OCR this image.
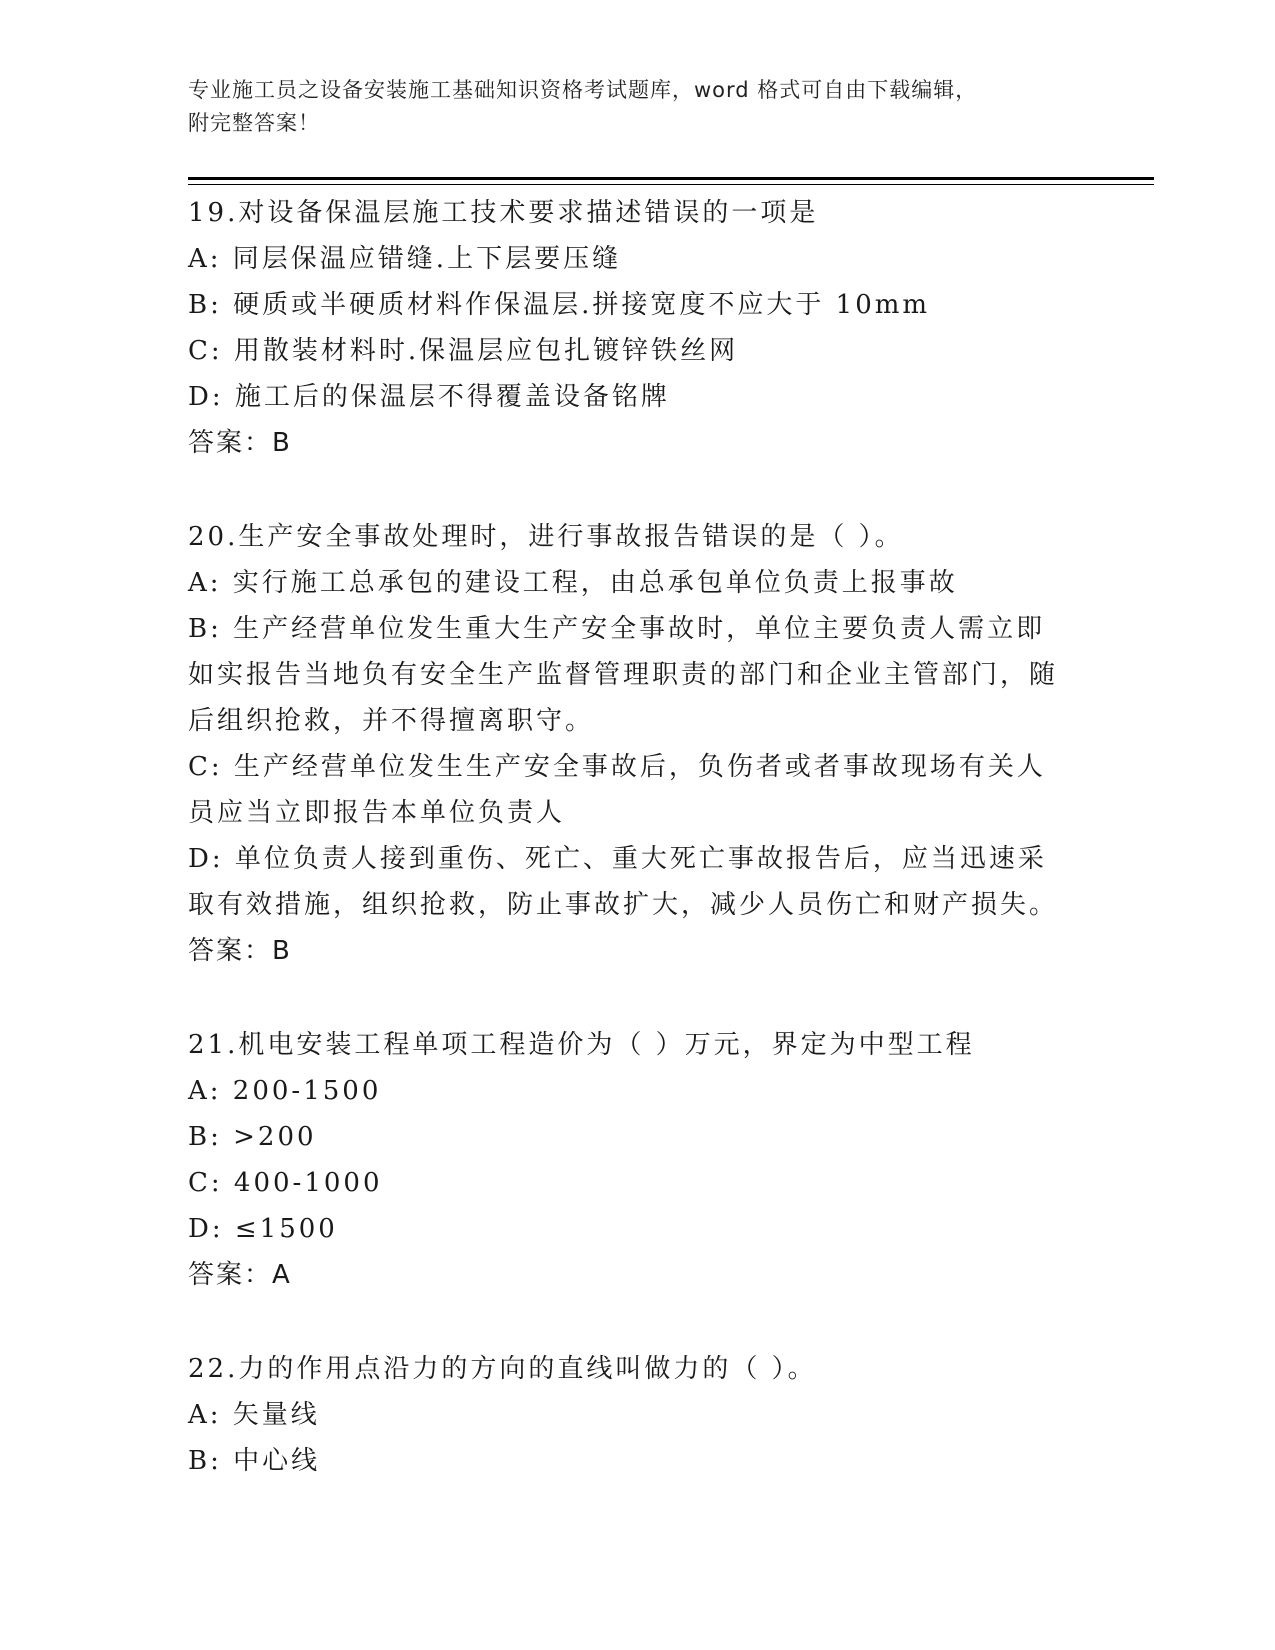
专业施工员之设备安装施工基础知识资格考试题库，word 格式可自由下载编辑，
附完整答案！
19.对设备保温层施工技术要求描述错误的一项是
A: 同层保温应错缝.上下层要压缝
B: 硬质或半硬质材料作保温层.拼接宽度不应大于 10mm
C: 用散装材料时.保温层应包扎镀锌铁丝网
D: 施工后的保温层不得覆盖设备铭牌
答案：B
20.生产安全事故处理时，进行事故报告错误的是（ ）。
A: 实行施工总承包的建设工程，由总承包单位负责上报事故
B: 生产经营单位发生重大生产安全事故时，单位主要负责人需立即如实报告当地负有安全生产监督管理职责的部门和企业主管部门，随后组织抢救，并不得擅离职守。
C: 生产经营单位发生生产安全事故后，负伤者或者事故现场有关人员应当立即报告本单位负责人
D: 单位负责人接到重伤、死亡、重大死亡事故报告后，应当迅速采取有效措施，组织抢救，防止事故扩大，减少人员伤亡和财产损失。
答案：B
21.机电安装工程单项工程造价为（ ）万元，界定为中型工程
A: 200-1500
B: >200
C: 400-1000
D: ≤1500
答案：A
22.力的作用点沿力的方向的直线叫做力的（ ）。
A: 矢量线
B: 中心线
